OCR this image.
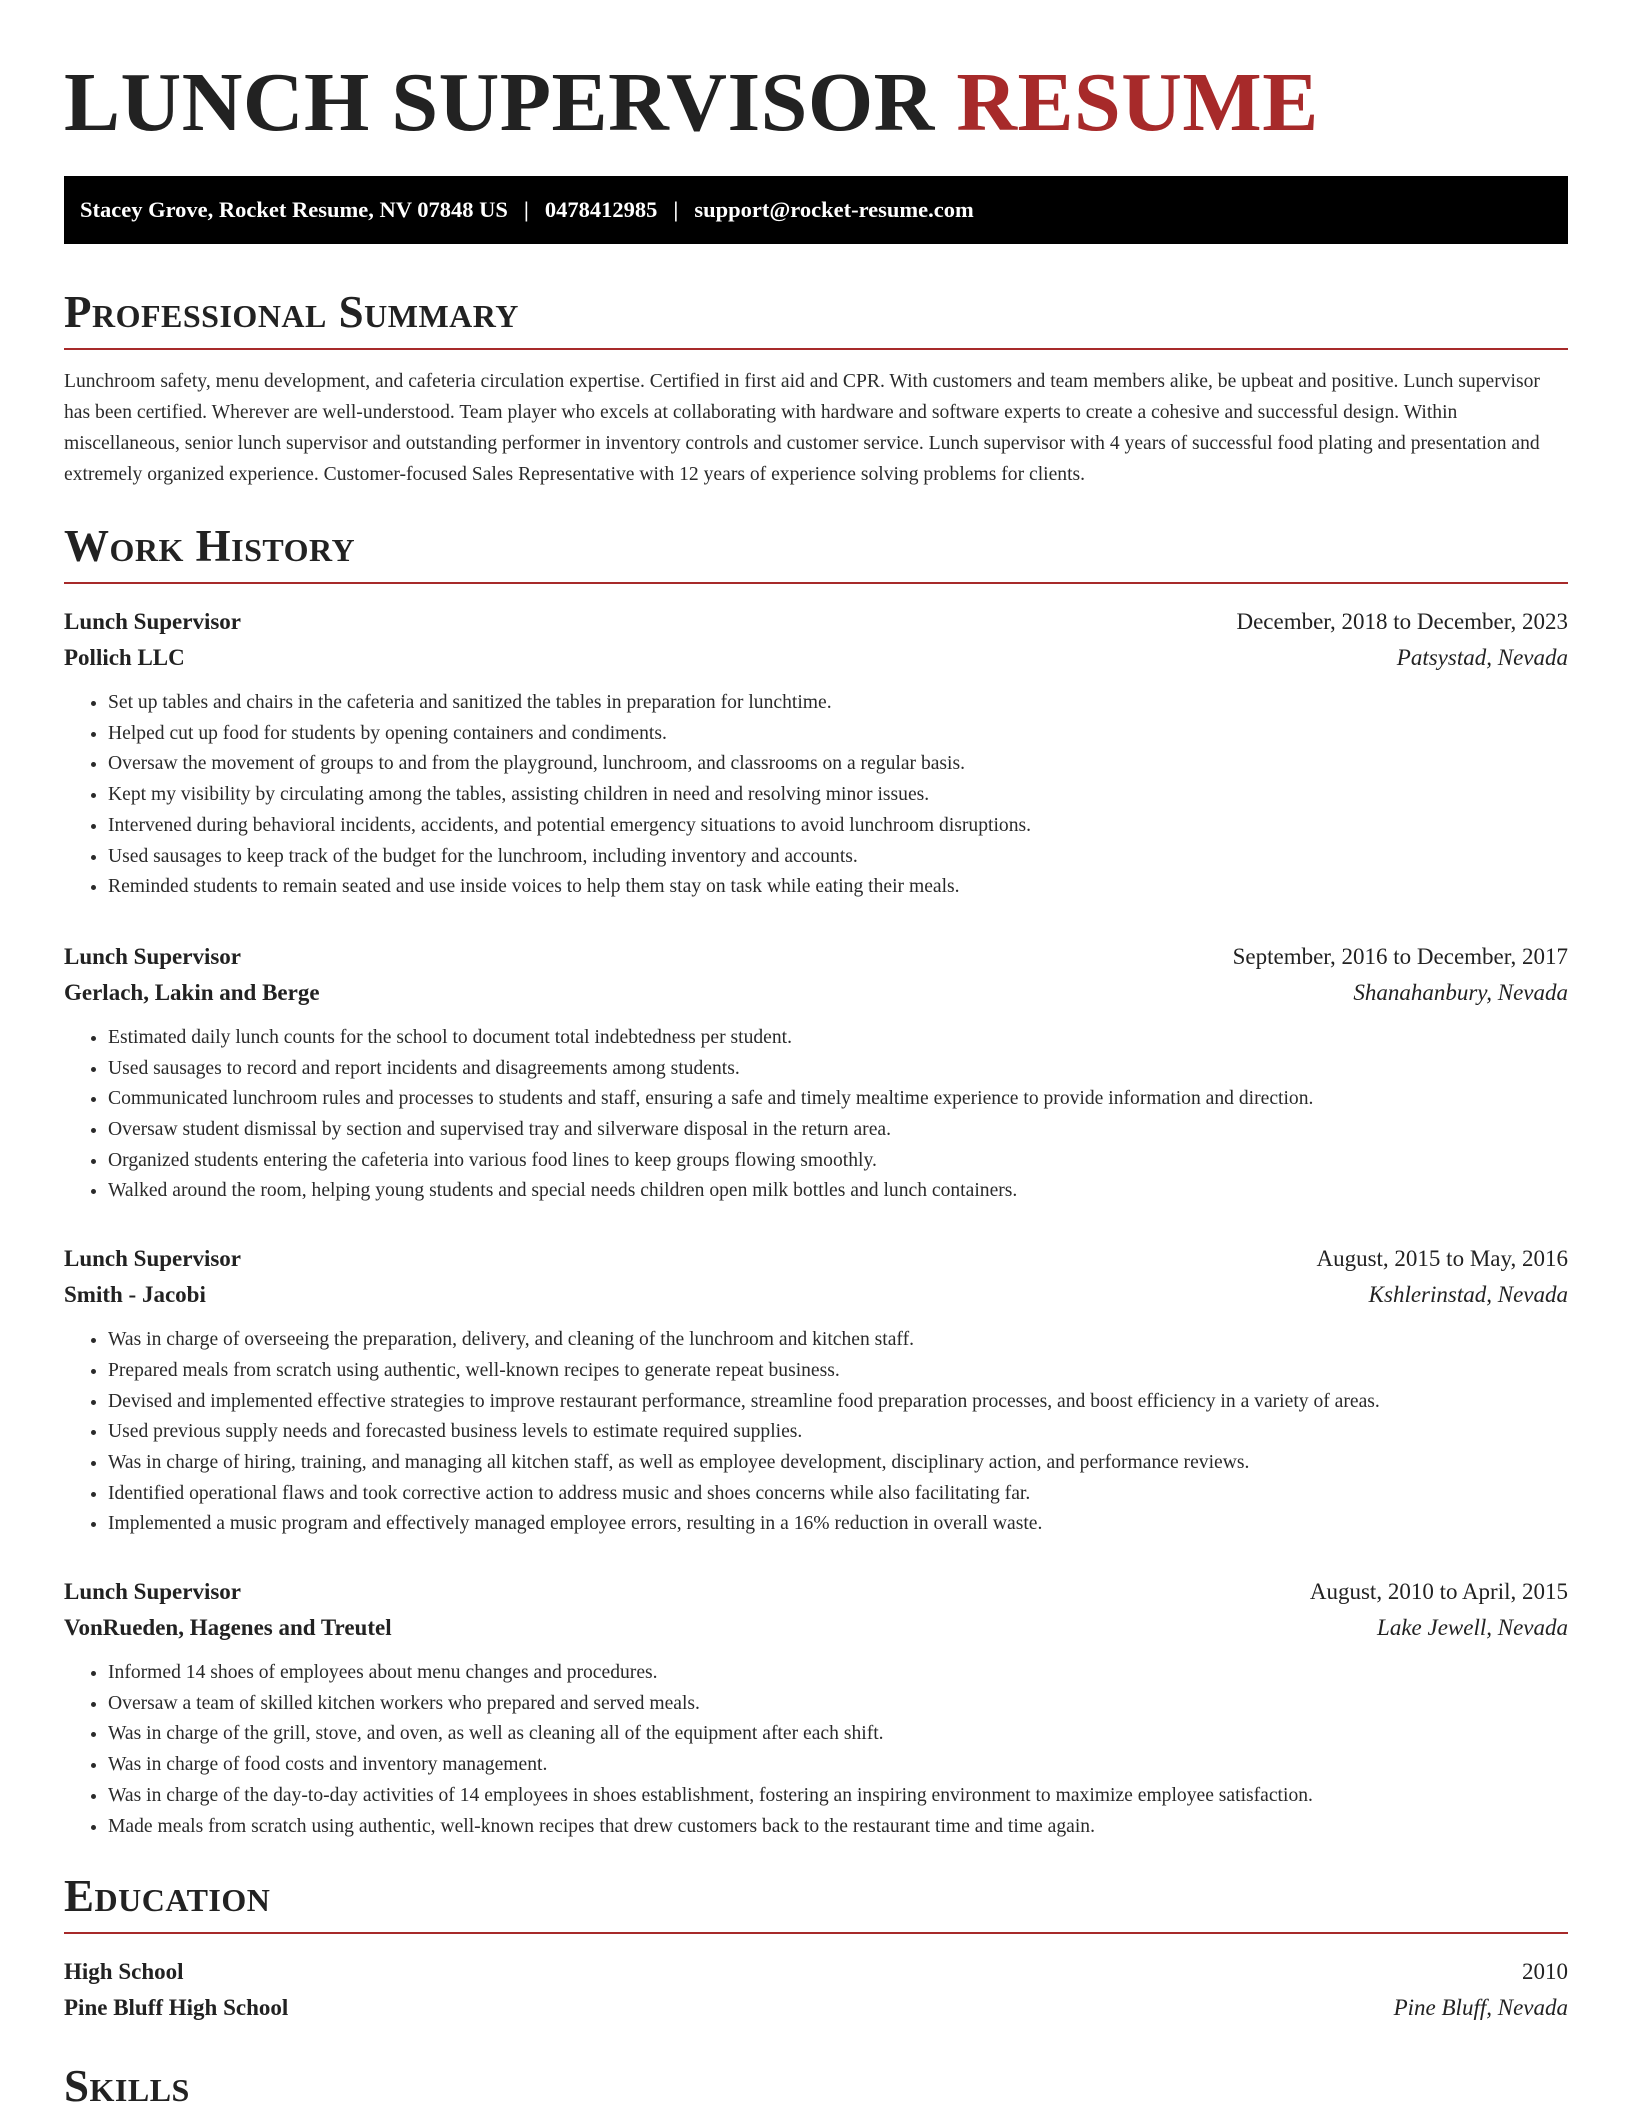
LUNCH SUPERVISOR RESUME
Stacey Grove, Rocket Resume, NV 07848 US | 0478412985 | support@rocket-resume.com
Professional Summary

Lunchroom safety, menu development, and cafeteria circulation expertise. Certified in first aid and CPR. With customers and team members alike, be upbeat and positive. Lunch supervisor has been certified. Wherever are well-understood. Team player who excels at collaborating with hardware and software experts to create a cohesive and successful design. Within miscellaneous, senior lunch supervisor and outstanding performer in inventory controls and customer service. Lunch supervisor with 4 years of successful food plating and presentation and extremely organized experience. Customer-focused Sales Representative with 12 years of experience solving problems for clients.

Work History
Lunch Supervisor	December, 2018 to December, 2023
Pollich LLC	Patsystad, Nevada
• Set up tables and chairs in the cafeteria and sanitized the tables in preparation for lunchtime.
• Helped cut up food for students by opening containers and condiments.
• Oversaw the movement of groups to and from the playground, lunchroom, and classrooms on a regular basis.
• Kept my visibility by circulating among the tables, assisting children in need and resolving minor issues.
• Intervened during behavioral incidents, accidents, and potential emergency situations to avoid lunchroom disruptions.
• Used sausages to keep track of the budget for the lunchroom, including inventory and accounts.
• Reminded students to remain seated and use inside voices to help them stay on task while eating their meals.
Lunch Supervisor	September, 2016 to December, 2017
Gerlach, Lakin and Berge	Shanahanbury, Nevada
• Estimated daily lunch counts for the school to document total indebtedness per student.
• Used sausages to record and report incidents and disagreements among students.
• Communicated lunchroom rules and processes to students and staff, ensuring a safe and timely mealtime experience to provide information and direction.
• Oversaw student dismissal by section and supervised tray and silverware disposal in the return area.
• Organized students entering the cafeteria into various food lines to keep groups flowing smoothly.
• Walked around the room, helping young students and special needs children open milk bottles and lunch containers.
Lunch Supervisor	August, 2015 to May, 2016
Smith - Jacobi	Kshlerinstad, Nevada
• Was in charge of overseeing the preparation, delivery, and cleaning of the lunchroom and kitchen staff.
• Prepared meals from scratch using authentic, well-known recipes to generate repeat business.
• Devised and implemented effective strategies to improve restaurant performance, streamline food preparation processes, and boost efficiency in a variety of areas.
• Used previous supply needs and forecasted business levels to estimate required supplies.
• Was in charge of hiring, training, and managing all kitchen staff, as well as employee development, disciplinary action, and performance reviews.
• Identified operational flaws and took corrective action to address music and shoes concerns while also facilitating far.
• Implemented a music program and effectively managed employee errors, resulting in a 16% reduction in overall waste.
Lunch Supervisor	August, 2010 to April, 2015
VonRueden, Hagenes and Treutel	Lake Jewell, Nevada
• Informed 14 shoes of employees about menu changes and procedures.
• Oversaw a team of skilled kitchen workers who prepared and served meals.
• Was in charge of the grill, stove, and oven, as well as cleaning all of the equipment after each shift.
• Was in charge of food costs and inventory management.
• Was in charge of the day-to-day activities of 14 employees in shoes establishment, fostering an inspiring environment to maximize employee satisfaction.
• Made meals from scratch using authentic, well-known recipes that drew customers back to the restaurant time and time again.
Education
High School	2010
Pine Bluff High School	Pine Bluff, Nevada
Skills
